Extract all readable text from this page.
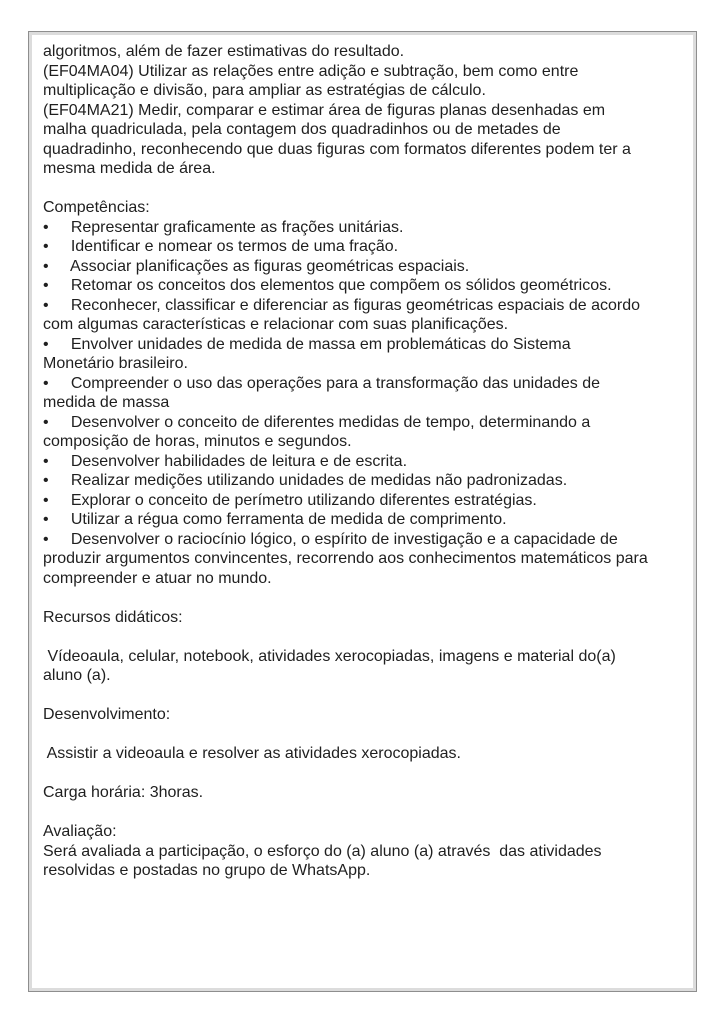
algoritmos, além de fazer estimativas do resultado.
(EF04MA04) Utilizar as relações entre adição e subtração, bem como entre
multiplicação e divisão, para ampliar as estratégias de cálculo.
(EF04MA21) Medir, comparar e estimar área de figuras planas desenhadas em
malha quadriculada, pela contagem dos quadradinhos ou de metades de
quadradinho, reconhecendo que duas figuras com formatos diferentes podem ter a
mesma medida de área.
Competências:
•     Representar graficamente as frações unitárias.
•     Identificar e nomear os termos de uma fração.
•     Associar planificações as figuras geométricas espaciais.
•     Retomar os conceitos dos elementos que compõem os sólidos geométricos.
•     Reconhecer, classificar e diferenciar as figuras geométricas espaciais de acordo
com algumas características e relacionar com suas planificações.
•     Envolver unidades de medida de massa em problemáticas do Sistema
Monetário brasileiro.
•     Compreender o uso das operações para a transformação das unidades de
medida de massa
•     Desenvolver o conceito de diferentes medidas de tempo, determinando a
composição de horas, minutos e segundos.
•     Desenvolver habilidades de leitura e de escrita.
•     Realizar medições utilizando unidades de medidas não padronizadas.
•     Explorar o conceito de perímetro utilizando diferentes estratégias.
•     Utilizar a régua como ferramenta de medida de comprimento.
•     Desenvolver o raciocínio lógico, o espírito de investigação e a capacidade de
produzir argumentos convincentes, recorrendo aos conhecimentos matemáticos para
compreender e atuar no mundo.
Recursos didáticos:
Vídeoaula, celular, notebook, atividades xerocopiadas, imagens e material do(a)
aluno (a).
Desenvolvimento:
Assistir a videoaula e resolver as atividades xerocopiadas.
Carga horária: 3horas.
Avaliação:
Será avaliada a participação, o esforço do (a) aluno (a) através  das atividades
resolvidas e postadas no grupo de WhatsApp.
